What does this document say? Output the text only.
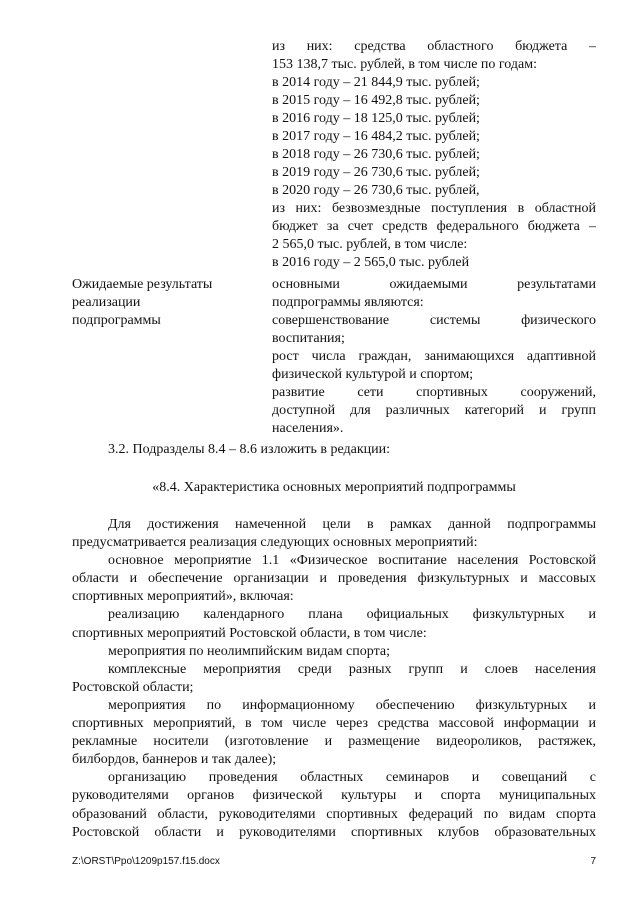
из них: средства областного бюджета –
153 138,7 тыс. рублей, в том числе по годам:
в 2014 году – 21 844,9 тыс. рублей;
в 2015 году – 16 492,8 тыс. рублей;
в 2016 году – 18 125,0 тыс. рублей;
в 2017 году – 16 484,2 тыс. рублей;
в 2018 году – 26 730,6 тыс. рублей;
в 2019 году – 26 730,6 тыс. рублей;
в 2020 году – 26 730,6 тыс. рублей,
из них: безвозмездные поступления в областной
бюджет за счет средств федерального бюджета –
2 565,0 тыс. рублей, в том числе:
в 2016 году – 2 565,0 тыс. рублей
Ожидаемые результаты
реализации
подпрограммы
основными ожидаемыми результатами
подпрограммы являются:
совершенствование системы физического
воспитания;
рост числа граждан, занимающихся адаптивной
физической культурой и спортом;
развитие сети спортивных сооружений,
доступной для различных категорий и групп
населения».
3.2. Подразделы 8.4 – 8.6 изложить в редакции:
«8.4. Характеристика основных мероприятий подпрограммы
Для достижения намеченной цели в рамках данной подпрограммы
предусматривается реализация следующих основных мероприятий:
основное мероприятие 1.1 «Физическое воспитание населения Ростовской
области и обеспечение организации и проведения физкультурных и массовых
спортивных мероприятий», включая:
реализацию календарного плана официальных физкультурных и
спортивных мероприятий Ростовской области, в том числе:
мероприятия по неолимпийским видам спорта;
комплексные мероприятия среди разных групп и слоев населения
Ростовской области;
мероприятия по информационному обеспечению физкультурных и
спортивных мероприятий, в том числе через средства массовой информации и
рекламные носители (изготовление и размещение видеороликов, растяжек,
билбордов, баннеров и так далее);
организацию проведения областных семинаров и совещаний с
руководителями органов физической культуры и спорта муниципальных
образований области, руководителями спортивных федераций по видам спорта
Ростовской области и руководителями спортивных клубов образовательных
Z:\ORST\Ppo\1209p157.f15.docx	7
